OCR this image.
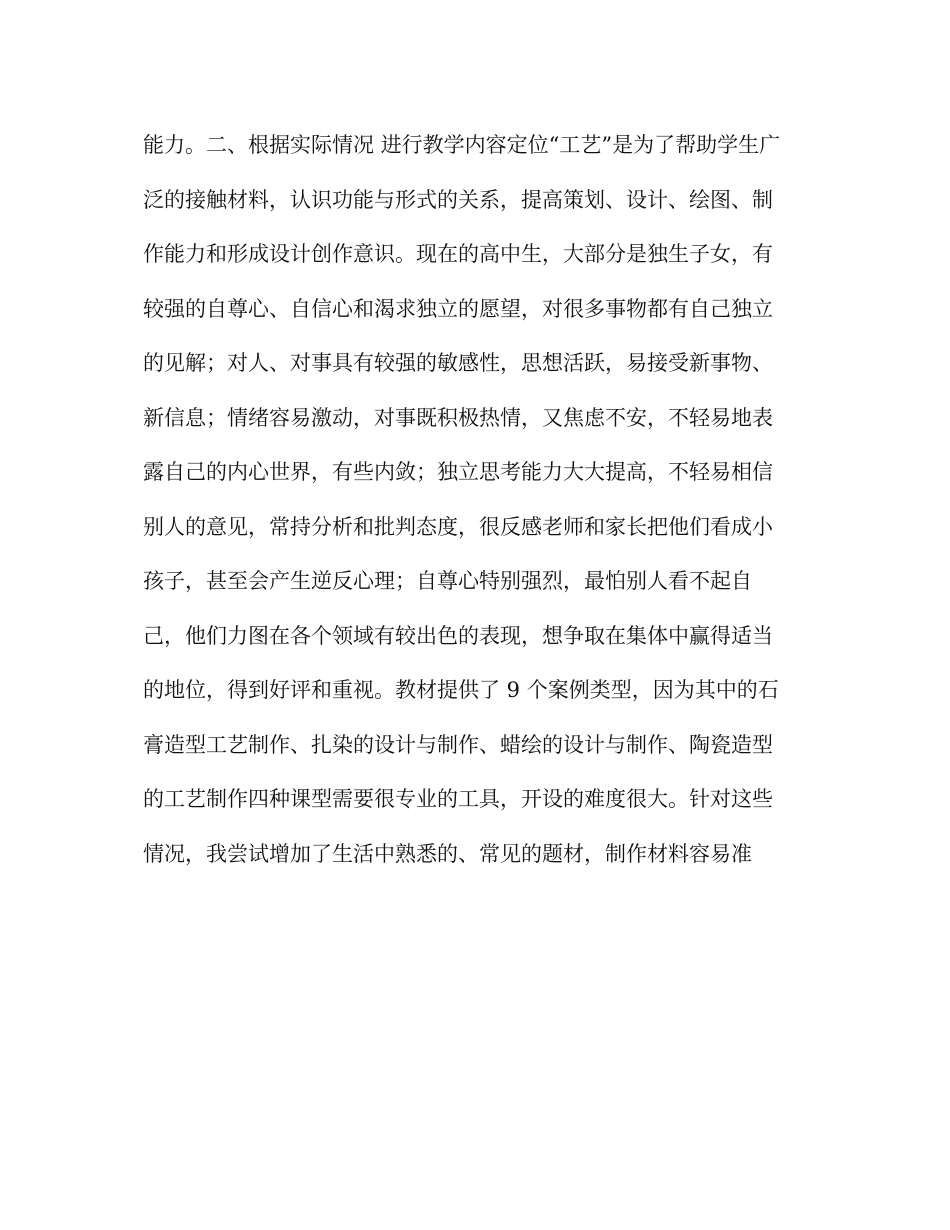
能力。二、根据实际情况 进行教学内容定位“工艺”是为了帮助学生广
泛的接触材料，认识功能与形式的关系，提高策划、设计、绘图、制
作能力和形成设计创作意识。现在的高中生，大部分是独生子女，有
较强的自尊心、自信心和渴求独立的愿望，对很多事物都有自己独立
的见解；对人、对事具有较强的敏感性，思想活跃，易接受新事物、
新信息；情绪容易激动，对事既积极热情，又焦虑不安，不轻易地表
露自己的内心世界，有些内敛；独立思考能力大大提高，不轻易相信
别人的意见，常持分析和批判态度，很反感老师和家长把他们看成小
孩子，甚至会产生逆反心理；自尊心特别强烈，最怕别人看不起自
己，他们力图在各个领域有较出色的表现，想争取在集体中赢得适当
的地位，得到好评和重视。教材提供了 9 个案例类型，因为其中的石
膏造型工艺制作、扎染的设计与制作、蜡绘的设计与制作、陶瓷造型
的工艺制作四种课型需要很专业的工具，开设的难度很大。针对这些
情况，我尝试增加了生活中熟悉的、常见的题材，制作材料容易准
